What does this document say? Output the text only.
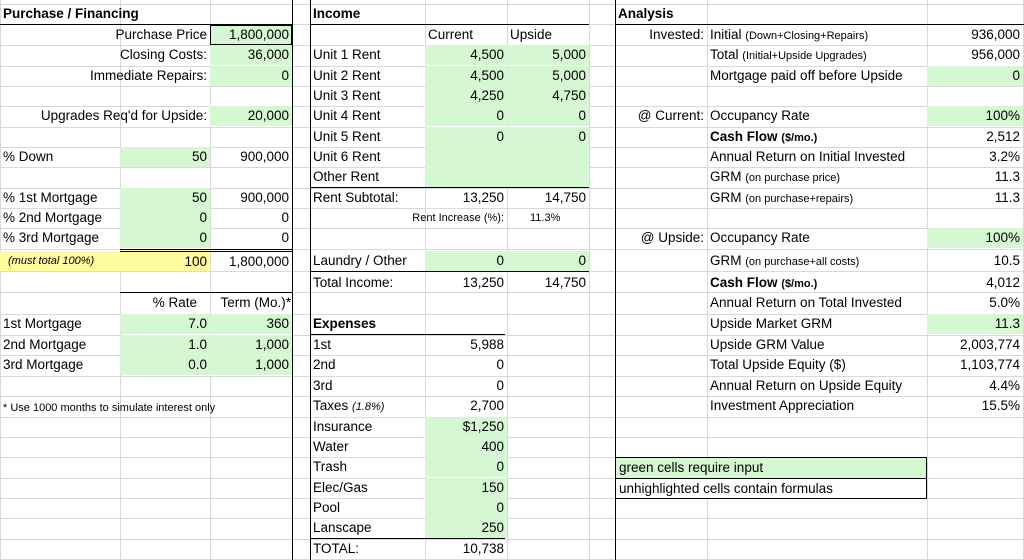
Purchase / Financing
Purchase Price	1,800,000
Closing Costs:	36,000
Immediate Repairs:	0
Upgrades Req'd for Upside:	20,000
% Down	50	900,000
% 1st Mortgage	50	900,000
% 2nd Mortgage	0	0
% 3rd Mortgage	0	0
(must total 100%)	100	1,800,000
% Rate	Term (Mo.)*
1st Mortgage	7.0	360
2nd Mortgage	1.0	1,000
3rd Mortgage	0.0	1,000
* Use 1000 months to simulate interest only
Income
Current	Upside
Unit 1 Rent	4,500	5,000
Unit 2 Rent	4,500	5,000
Unit 3 Rent	4,250	4,750
Unit 4 Rent	0	0
Unit 5 Rent	0	0
Unit 6 Rent
Other Rent
Rent Subtotal:	13,250	14,750
Rent Increase (%): 11.3%
Laundry / Other	0	0
Total Income:	13,250	14,750
Expenses
1st	5,988
2nd	0
3rd	0
Taxes (1.8%)	2,700
Insurance	$1,250
Water	400
Trash	0
Elec/Gas	150
Pool	0
Lanscape	250
TOTAL:	10,738
Analysis
Invested: Initial (Down+Closing+Repairs)	936,000
Total (Initial+Upside Upgrades)	956,000
Mortgage paid off before Upside	0
@ Current: Occupancy Rate	100%
Cash Flow ($/mo.)	2,512
Annual Return on Initial Invested	3.2%
GRM (on purchase price)	11.3
GRM (on purchase+repairs)	11.3
@ Upside: Occupancy Rate	100%
GRM (on purchase+all costs)	10.5
Cash Flow ($/mo.)	4,012
Annual Return on Total Invested	5.0%
Upside Market GRM	11.3
Upside GRM Value	2,003,774
Total Upside Equity ($)	1,103,774
Annual Return on Upside Equity	4.4%
Investment Appreciation	15.5%
green cells require input
unhighlighted cells contain formulas
